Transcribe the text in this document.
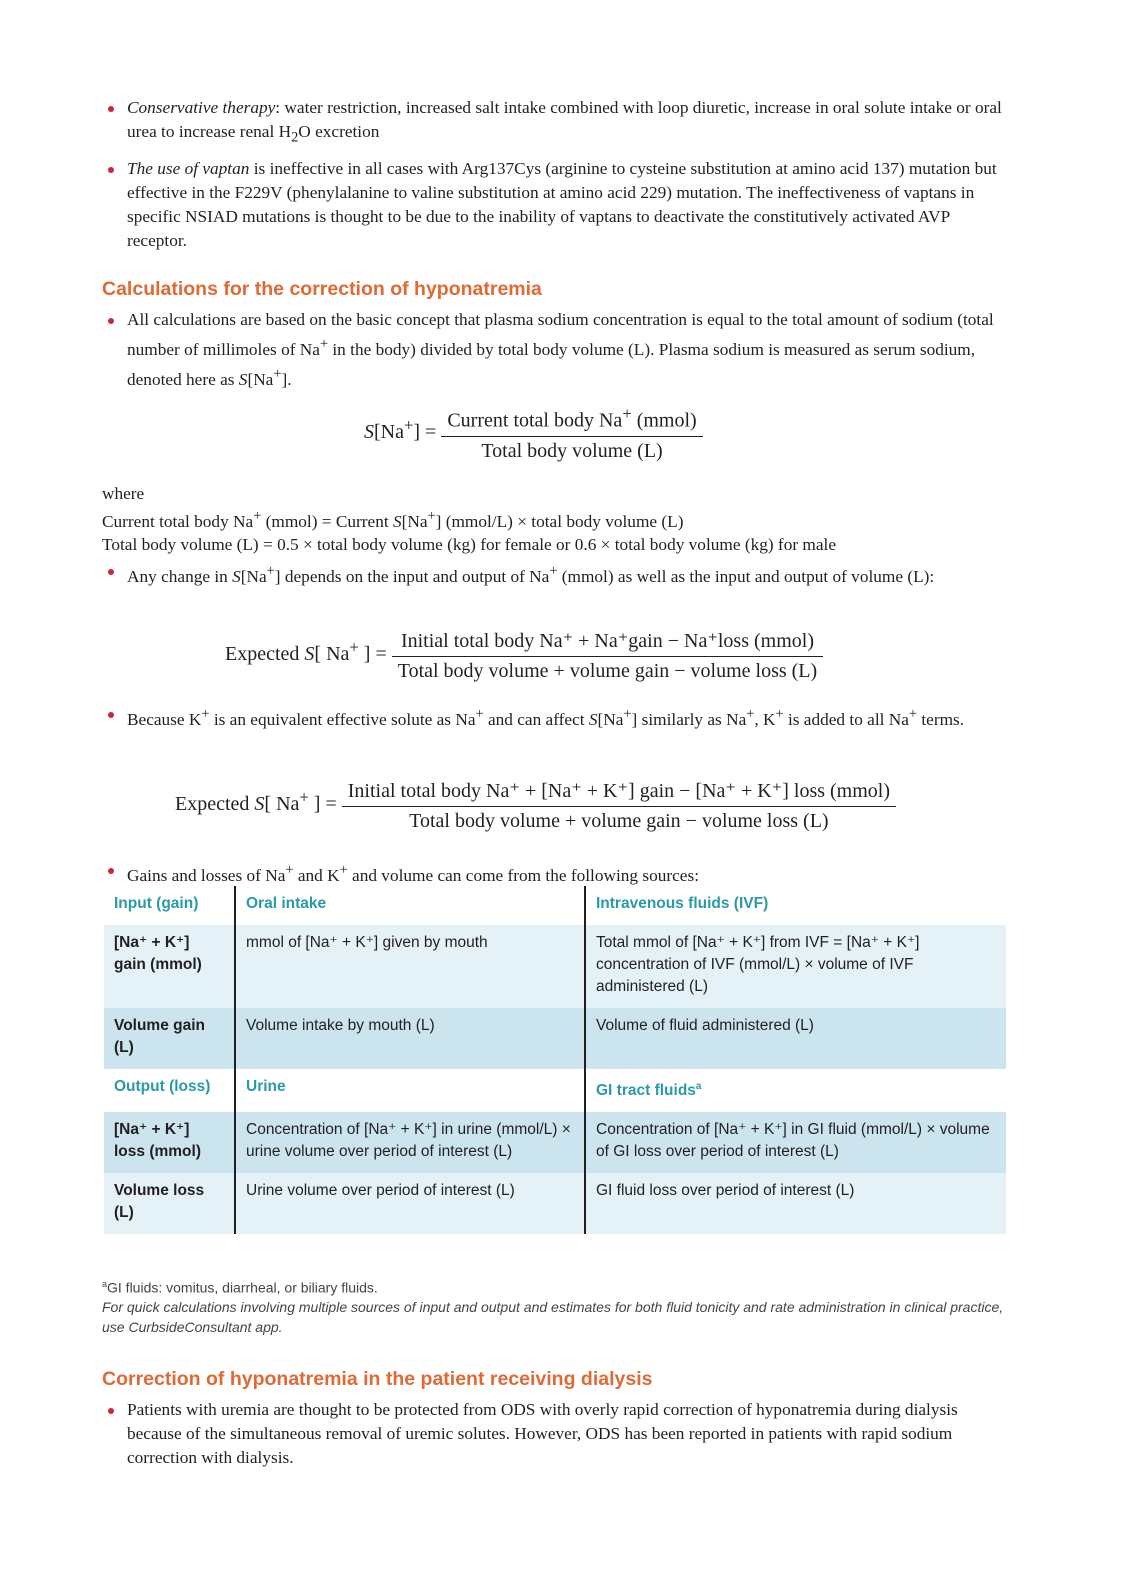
Conservative therapy: water restriction, increased salt intake combined with loop diuretic, increase in oral solute intake or oral urea to increase renal $H_2O$ excretion
The use of vaptan is ineffective in all cases with Arg137Cys (arginine to cysteine substitution at amino acid 137) mutation but effective in the F229V (phenylalanine to valine substitution at amino acid 229) mutation. The ineffectiveness of vaptans in specific NSIAD mutations is thought to be due to the inability of vaptans to deactivate the constitutively activated AVP receptor.
Calculations for the correction of hyponatremia
All calculations are based on the basic concept that plasma sodium concentration is equal to the total amount of sodium (total number of millimoles of Na+ in the body) divided by total body volume (L). Plasma sodium is measured as serum sodium, denoted here as S[Na+].
$S[Na^+] = \frac{Current total body Na^+ (mmol)}{\text{Total body volume (L)}}$

where

Current total body Na+ (mmol) = Current S[Na+] (mmol/L) × total body volume (L)

Total body volume (L) = 0.5 × total body volume (kg) for female or 0.6 × total body volume (kg) for male

Any change in S[Na+] depends on the input and output of Na+ (mmol) as well as the input and output of volume (L):
Expected S[ Na+ ] = $\frac{\text{Initial total body Na⁺ + Na⁺gain − Na⁺loss (mmol)}}{\text{Total body volume + volume gain − volume loss (L)}}$
Because K+ is an equivalent effective solute as Na+ and can affect S[Na+] similarly as Na+, K+ is added to all Na+ terms.
Expected S[ Na+ ] =
Initial total body Na⁺ + [Na⁺ + K⁺] gain − [Na⁺ + K⁺] loss (mmol)
Total body volume + volume gain − volume loss (L)
Gains and losses of Na+ and K+ and volume can come from the following sources:
Input (gain)	Oral intake	Intravenous fluids (IVF)
[Na⁺ + K⁺] gain (mmol)	mmol of [Na⁺ + K⁺] given by mouth	Total mmol of [Na⁺ + K⁺] from IVF = [Na⁺ + K⁺] concentration of IVF (mmol/L) × volume of IVF administered (L)
Volume gain (L)	Volume intake by mouth (L)	Volume of fluid administered (L)
Output (loss)	Urine	GI tract fluids$^a$
[Na⁺ + K⁺] loss (mmol)	Concentration of [Na⁺ + K⁺] in urine (mmol/L) × urine volume over period of interest (L)	Concentration of [Na⁺ + K⁺] in GI fluid (mmol/L) × volume of GI loss over period of interest (L)
Volume loss (L)	Urine volume over period of interest (L)	GI fluid loss over period of interest (L)

$^a$GI fluids: vomitus, diarrheal, or biliary fluids.

For quick calculations involving multiple sources of input and output and estimates for both fluid tonicity and rate administration in clinical practice, use CurbsideConsultant app.

Correction of hyponatremia in the patient receiving dialysis
Patients with uremia are thought to be protected from ODS with overly rapid correction of hyponatremia during dialysis because of the simultaneous removal of uremic solutes. However, ODS has been reported in patients with rapid sodium correction with dialysis.
